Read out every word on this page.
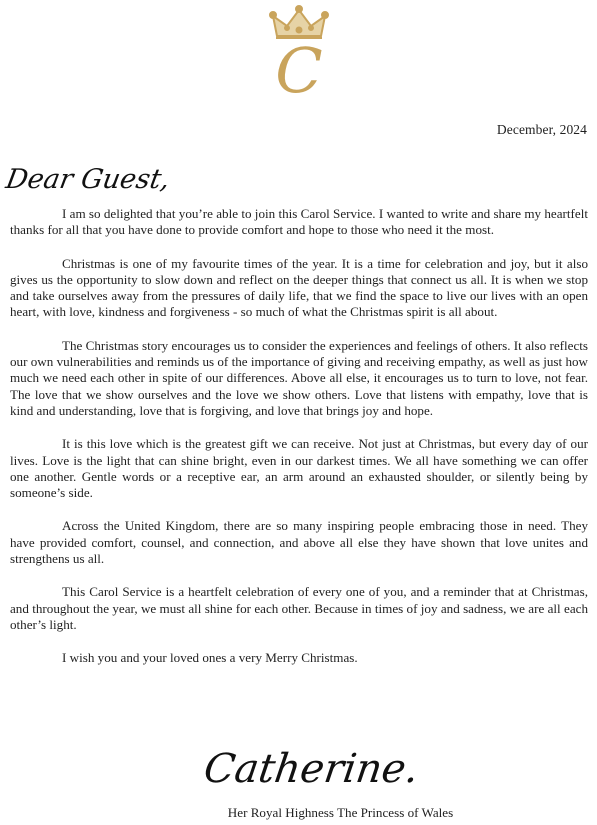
C
December, 2024
Dear Guest,

I am so delighted that you’re able to join this Carol Service. I wanted to write and share my heartfelt thanks for all that you have done to provide comfort and hope to those who need it the most.

Christmas is one of my favourite times of the year. It is a time for celebration and joy, but it also gives us the opportunity to slow down and reflect on the deeper things that connect us all. It is when we stop and take ourselves away from the pressures of daily life, that we find the space to live our lives with an open heart, with love, kindness and forgiveness - so much of what the Christmas spirit is all about.

The Christmas story encourages us to consider the experiences and feelings of others. It also reflects our own vulnerabilities and reminds us of the importance of giving and receiving empathy, as well as just how much we need each other in spite of our differences. Above all else, it encourages us to turn to love, not fear. The love that we show ourselves and the love we show others. Love that listens with empathy, love that is kind and understanding, love that is forgiving, and love that brings joy and hope.

It is this love which is the greatest gift we can receive. Not just at Christmas, but every day of our lives. Love is the light that can shine bright, even in our darkest times. We all have something we can offer one another. Gentle words or a receptive ear, an arm around an exhausted shoulder, or silently being by someone’s side.

Across the United Kingdom, there are so many inspiring people embracing those in need. They have provided comfort, counsel, and connection, and above all else they have shown that love unites and strengthens us all.

This Carol Service is a heartfelt celebration of every one of you, and a reminder that at Christmas, and throughout the year, we must all shine for each other. Because in times of joy and sadness, we are all each other’s light.

I wish you and your loved ones a very Merry Christmas.

Catherine.
Her Royal Highness The Princess of Wales
